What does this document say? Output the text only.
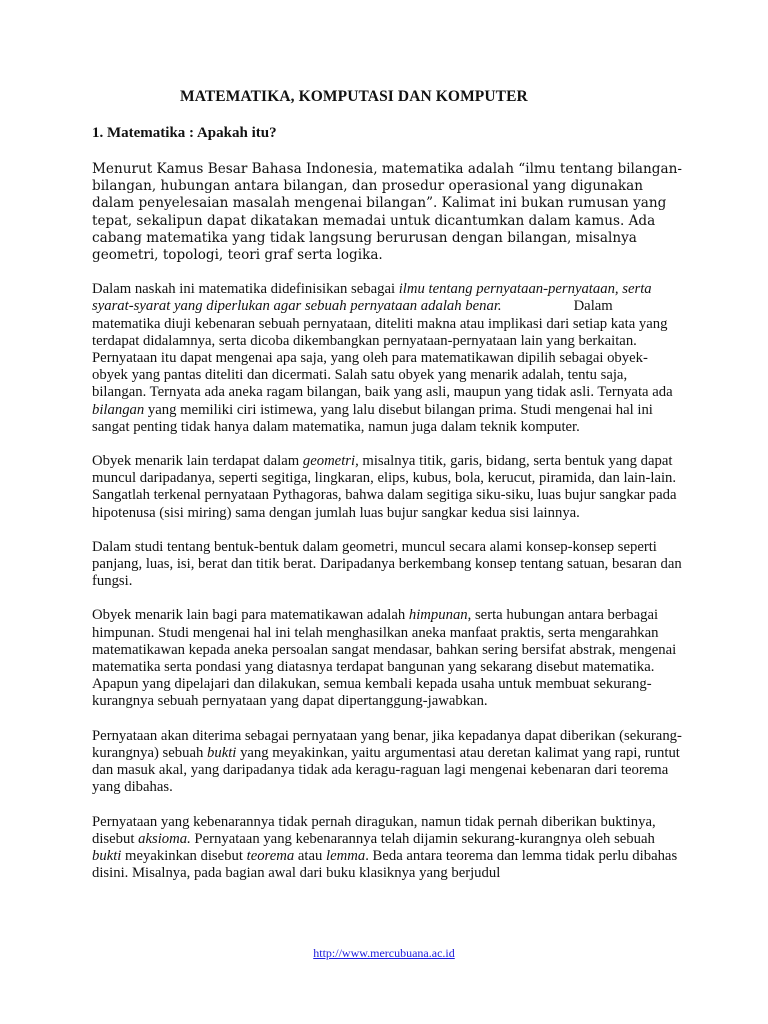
MATEMATIKA, KOMPUTASI DAN KOMPUTER
1. Matematika : Apakah itu?

Menurut Kamus Besar Bahasa Indonesia, matematika adalah “ilmu tentang bilangan-bilangan, hubungan antara bilangan, dan prosedur operasional yang digunakan dalam penyelesaian masalah mengenai bilangan”. Kalimat ini bukan rumusan yang tepat, sekalipun dapat dikatakan memadai untuk dicantumkan dalam kamus. Ada cabang matematika yang tidak langsung berurusan dengan bilangan, misalnya geometri, topologi, teori graf serta logika.

Dalam naskah ini matematika didefinisikan sebagai ilmu tentang pernyataan-pernyataan, serta syarat-syarat yang diperlukan agar sebuah pernyataan adalah benar.	Dalam matematika diuji kebenaran sebuah pernyataan, diteliti makna atau implikasi dari setiap kata yang terdapat didalamnya, serta dicoba dikembangkan pernyataan-pernyataan lain yang berkaitan. Pernyataan itu dapat mengenai apa saja, yang oleh para matematikawan dipilih sebagai obyek-obyek yang pantas diteliti dan dicermati. Salah satu obyek yang menarik adalah, tentu saja, bilangan. Ternyata ada aneka ragam bilangan, baik yang asli, maupun yang tidak asli. Ternyata ada bilangan yang memiliki ciri istimewa, yang lalu disebut bilangan prima. Studi mengenai hal ini sangat penting tidak hanya dalam matematika, namun juga dalam teknik komputer.

Obyek menarik lain terdapat dalam geometri, misalnya titik, garis, bidang, serta bentuk yang dapat muncul daripadanya, seperti segitiga, lingkaran, elips, kubus, bola, kerucut, piramida, dan lain-lain. Sangatlah terkenal pernyataan Pythagoras, bahwa dalam segitiga siku-siku, luas bujur sangkar pada hipotenusa (sisi miring) sama dengan jumlah luas bujur sangkar kedua sisi lainnya.

Dalam studi tentang bentuk-bentuk dalam geometri, muncul secara alami konsep-konsep seperti panjang, luas, isi, berat dan titik berat. Daripadanya berkembang konsep tentang satuan, besaran dan fungsi.

Obyek menarik lain bagi para matematikawan adalah himpunan, serta hubungan antara berbagai himpunan. Studi mengenai hal ini telah menghasilkan aneka manfaat praktis, serta mengarahkan matematikawan kepada aneka persoalan sangat mendasar, bahkan sering bersifat abstrak, mengenai matematika serta pondasi yang diatasnya terdapat bangunan yang sekarang disebut matematika. Apapun yang dipelajari dan dilakukan, semua kembali kepada usaha untuk membuat sekurang-kurangnya sebuah pernyataan yang dapat dipertanggung-jawabkan.

Pernyataan akan diterima sebagai pernyataan yang benar, jika kepadanya dapat diberikan (sekurang-kurangnya) sebuah bukti yang meyakinkan, yaitu argumentasi atau deretan kalimat yang rapi, runtut dan masuk akal, yang daripadanya tidak ada keragu-raguan lagi mengenai kebenaran dari teorema yang dibahas.

Pernyataan yang kebenarannya tidak pernah diragukan, namun tidak pernah diberikan buktinya, disebut aksioma. Pernyataan yang kebenarannya telah dijamin sekurang-kurangnya oleh sebuah bukti meyakinkan disebut teorema atau lemma. Beda antara teorema dan lemma tidak perlu dibahas disini. Misalnya, pada bagian awal dari buku klasiknya yang berjudul

http://www.mercubuana.ac.id
